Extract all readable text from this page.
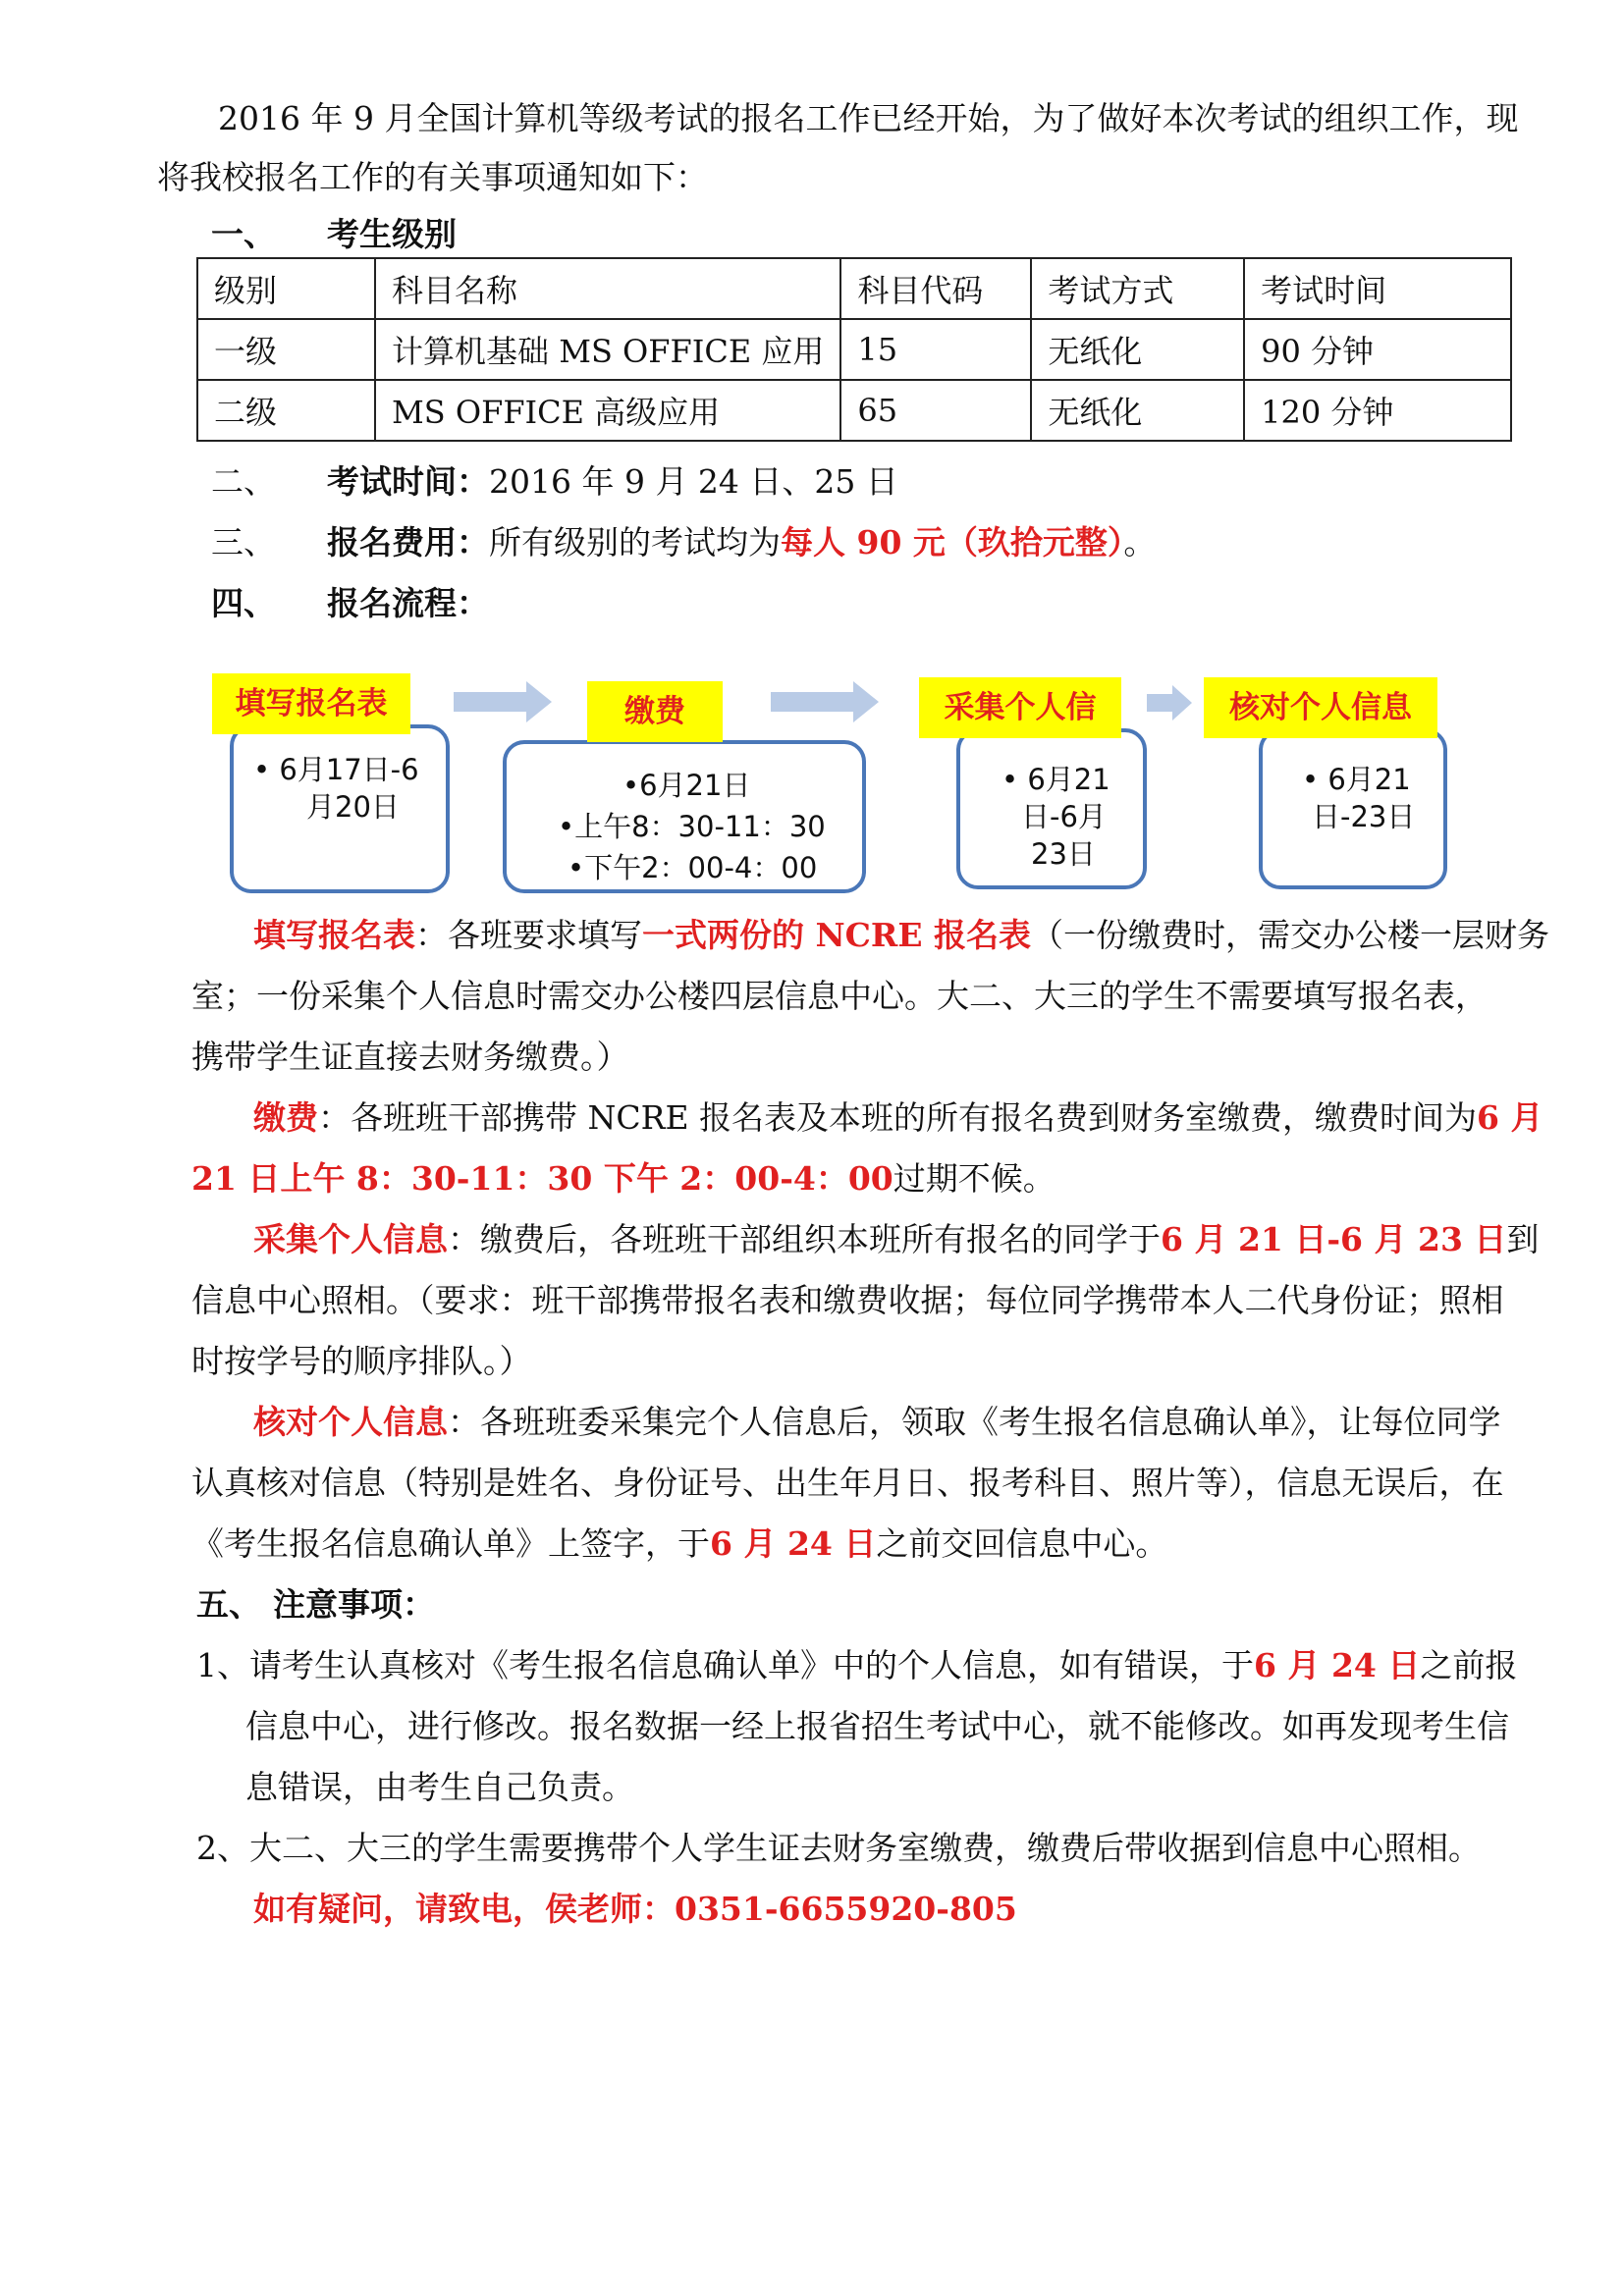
2016 年 9 月全国计算机等级考试的报名工作已经开始，为了做好本次考试的组织工作，现
将我校报名工作的有关事项通知如下：
一、 考生级别
级别	科目名称	科目代码	考试方式	考试时间
一级	计算机基础 MS OFFICE 应用	15	无纸化	90 分钟
二级	MS OFFICE 高级应用	65	无纸化	120 分钟
二、 考试时间：2016 年 9 月 24 日、25 日
三、 报名费用：所有级别的考试均为每人 90 元（玖拾元整）。
四、 报名流程：
填写报名表
• 6月17日-6
月20日
缴费
•6月21日
•上午8：30-11：30
•下午2：00-4：00
采集个人信
• 6月21
日-6月
23日
核对个人信息
• 6月21
日-23日
填写报名表：各班要求填写一式两份的 NCRE 报名表（一份缴费时，需交办公楼一层财务
室；一份采集个人信息时需交办公楼四层信息中心。大二、大三的学生不需要填写报名表，
携带学生证直接去财务缴费。）
缴费：各班班干部携带 NCRE 报名表及本班的所有报名费到财务室缴费，缴费时间为6 月
21 日上午 8：30-11：30 下午 2：00-4：00过期不候。
采集个人信息：缴费后，各班班干部组织本班所有报名的同学于6 月 21 日-6 月 23 日到
信息中心照相。（要求：班干部携带报名表和缴费收据；每位同学携带本人二代身份证；照相
时按学号的顺序排队。）
核对个人信息：各班班委采集完个人信息后，领取《考生报名信息确认单》，让每位同学
认真核对信息（特别是姓名、身份证号、出生年月日、报考科目、照片等），信息无误后，在
《考生报名信息确认单》上签字，于6 月 24 日之前交回信息中心。
五、 注意事项：
1、请考生认真核对《考生报名信息确认单》中的个人信息，如有错误，于6 月 24 日之前报
信息中心，进行修改。报名数据一经上报省招生考试中心，就不能修改。如再发现考生信
息错误，由考生自己负责。
2、大二、大三的学生需要携带个人学生证去财务室缴费，缴费后带收据到信息中心照相。
如有疑问，请致电，侯老师：0351-6655920-805
